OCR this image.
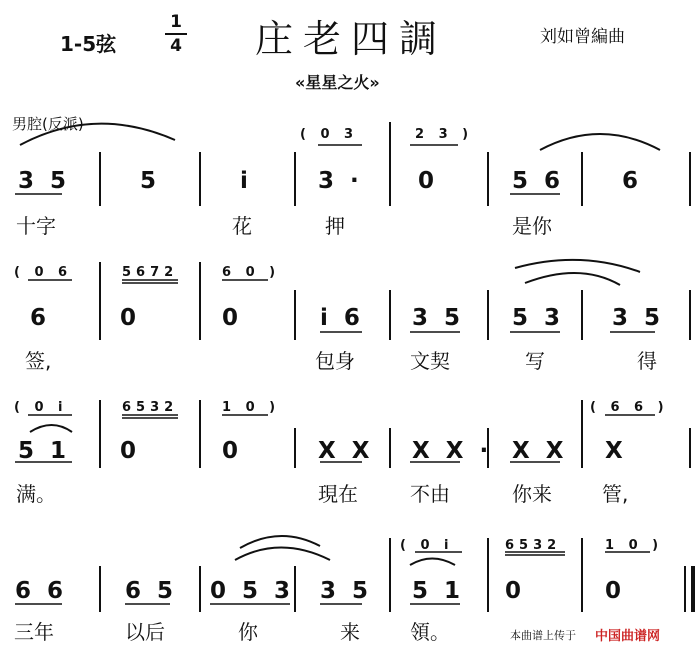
1-5弦
1
4 庄老四調	刘如曾編曲
«星星之火»
男腔(反派)
( 0 3	2 3 )
3 5	5	i	3 · 0	5 6	6
十字	花	押	是你
( 0 6	5672	6 0 )
6	0	0	i 6 3 5 5 3 3 5
签,	包身	文契	写	得
( 0 i	6532	1 0 )	( 6 6 )
5 1 0	0	X X X X · X X X
满。	現在	不由	你来	管,
( 0 i	6532	1 0 )
6 6	6 5 0 5 3 3 5 5 1 0	0
三年	以后	你	来	領。	本曲谱上传于 中国曲谱网
